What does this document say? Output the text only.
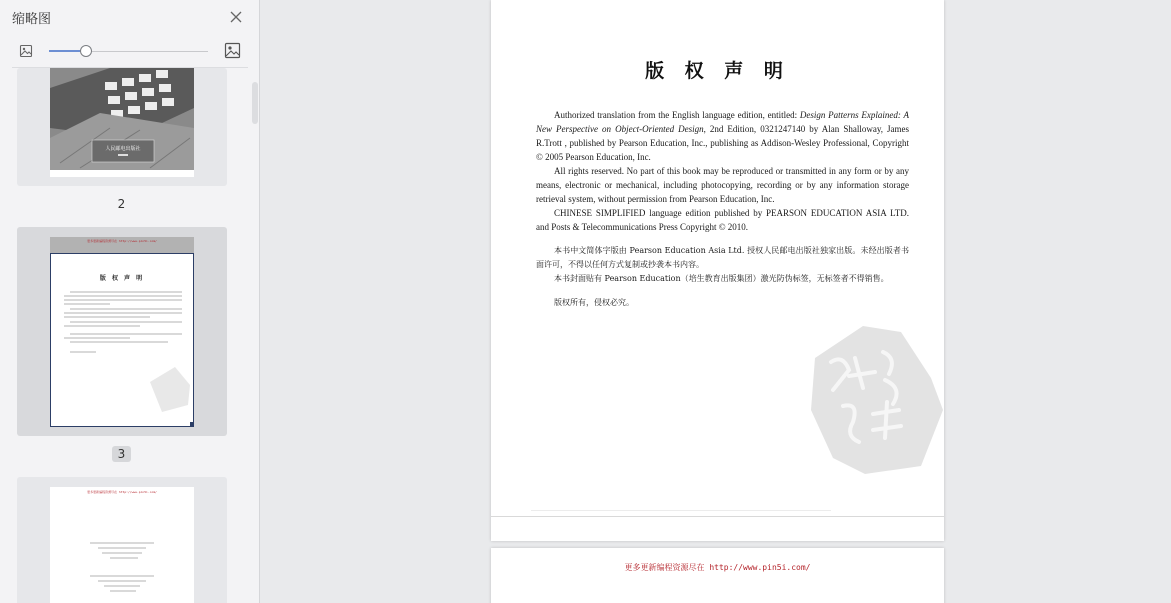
缩略图
人民邮电出版社
2
更多更新编程资源尽在 http://www.pin5i.com/
版 权 声 明
3
更多更新编程资源尽在 http://www.pin5i.com/
版 权 声 明

Authorized translation from the English language edition, entitled: Design Patterns Explained: A New Perspective on Object-Oriented Design, 2nd Edition, 0321247140 by Alan Shalloway, James R.Trott , published by Pearson Education, Inc., publishing as Addison-Wesley Professional, Copyright © 2005 Pearson Education, Inc.

All rights reserved. No part of this book may be reproduced or transmitted in any form or by any means, electronic or mechanical, including photocopying, recording or by any information storage retrieval system, without permission from Pearson Education, Inc.

CHINESE SIMPLIFIED language edition published by PEARSON EDUCATION ASIA LTD. and Posts & Telecommunications Press Copyright © 2010.

本书中文简体字版由 Pearson Education Asia Ltd. 授权人民邮电出版社独家出版。未经出版者书面许可，不得以任何方式复制或抄袭本书内容。

本书封面贴有 Pearson Education（培生教育出版集团）激光防伪标签，无标签者不得销售。

版权所有，侵权必究。

更多更新编程资源尽在 http://www.pin5i.com/
